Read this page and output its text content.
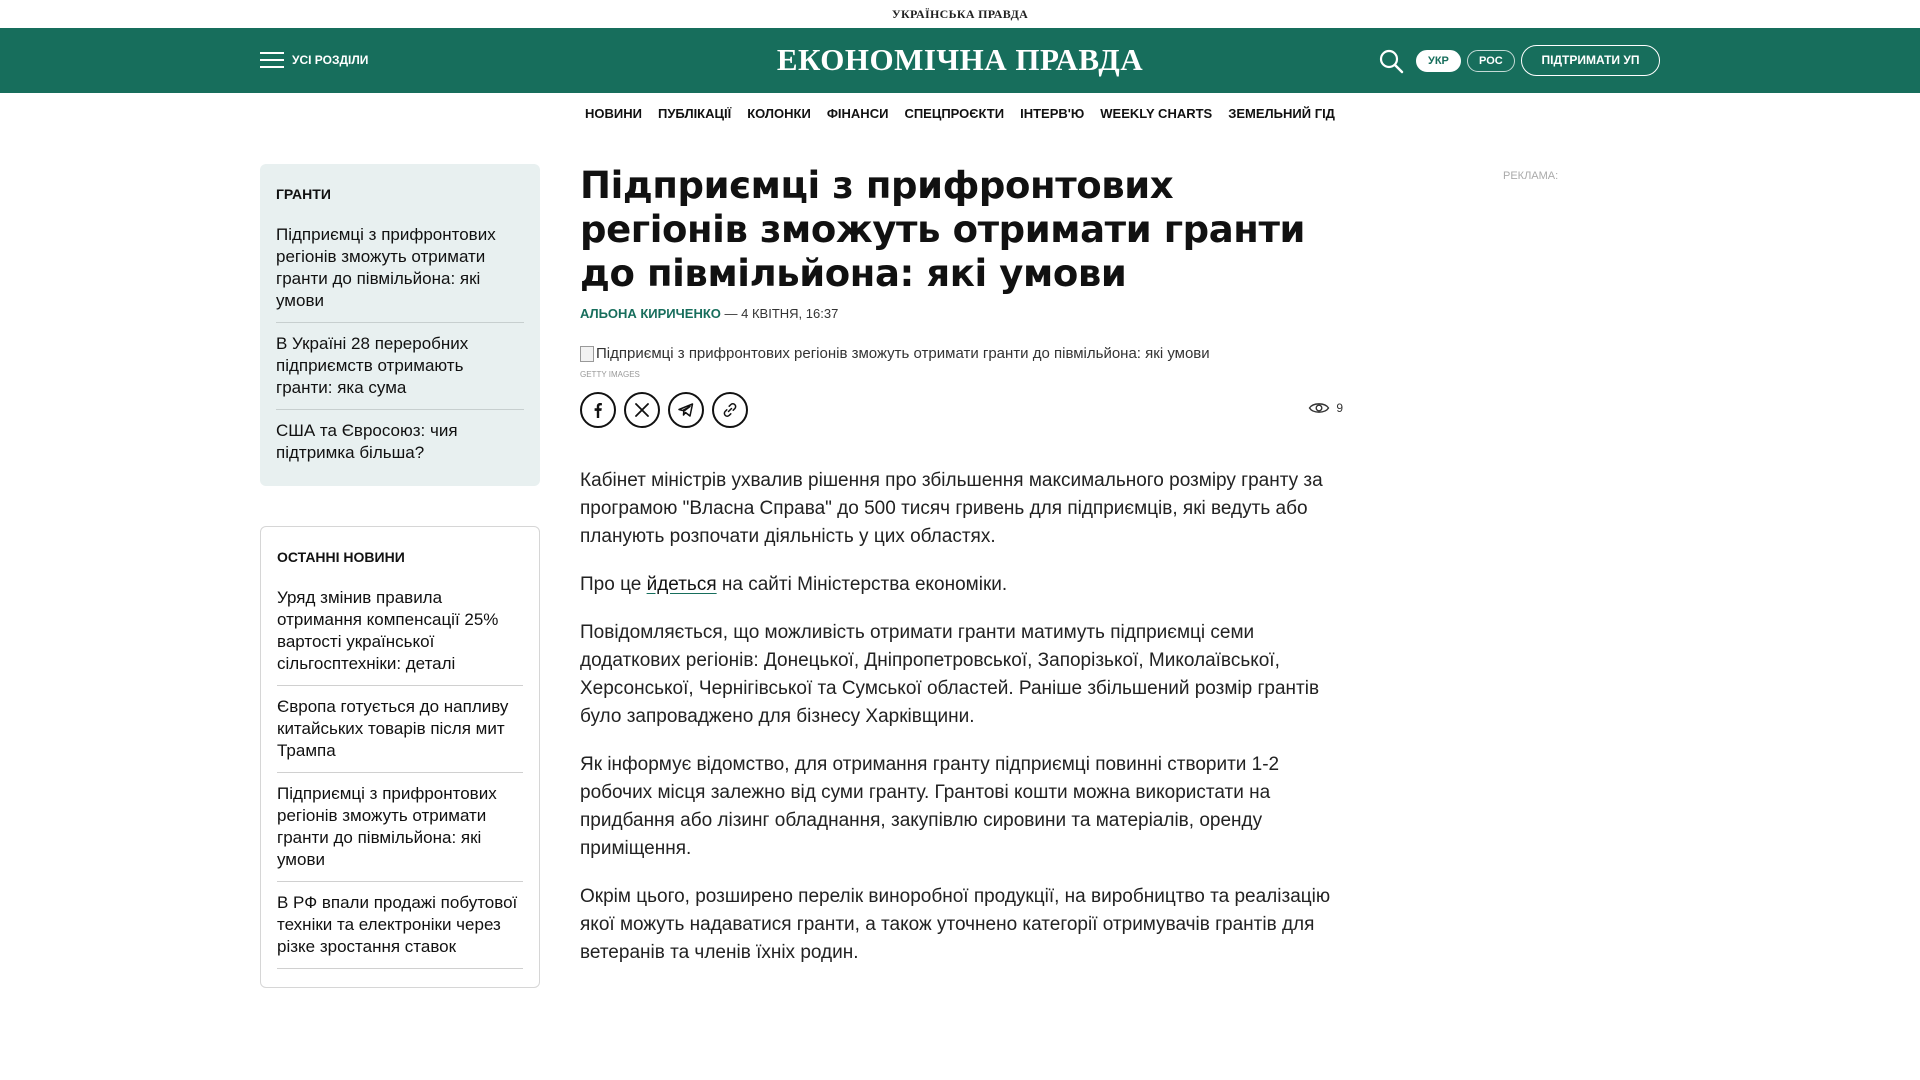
УКРАЇНСЬКА ПРАВДА
УСІ РОЗДІЛИ	ЕКОНОМІЧНА ПРАВДА	УКР	РОС	ПІДТРИМАТИ УП
НОВИНИ ПУБЛІКАЦІЇ КОЛОНКИ ФІНАНСИ СПЕЦПРОЄКТИ ІНТЕРВ'Ю WEEKLY CHARTS ЗЕМЕЛЬНИЙ ГІД
ГРАНТИ
Підприємці з прифронтових регіонів зможуть отримати гранти до півмільйона: які умови
В Україні 28 переробних підприємств отримають гранти: яка сума
США та Євросоюз: чия підтримка більша?
ОСТАННІ НОВИНИ
Уряд змінив правила отримання компенсації 25% вартості української сільгосптехніки: деталі
Європа готується до напливу китайських товарів після мит Трампа
Підприємці з прифронтових регіонів зможуть отримати гранти до півмільйона: які умови
В РФ впали продажі побутової техніки та електроніки через різке зростання ставок
Підприємці з прифронтових регіонів зможуть отримати гранти до півмільйона: які умови
АЛЬОНА КИРИЧЕНКО — 4 КВІТНЯ, 16:37
Підприємці з прифронтових регіонів зможуть отримати гранти до півмільйона: які умови
GETTY IMAGES
9

Кабінет міністрів ухвалив рішення про збільшення максимального розміру гранту за програмою "Власна Справа" до 500 тисяч гривень для підприємців, які ведуть або планують розпочати діяльність у цих областях.

Про це йдеться на сайті Міністерства економіки.

Повідомляється, що можливість отримати гранти матимуть підприємці семи додаткових регіонів: Донецької, Дніпропетровської, Запорізької, Миколаївської, Херсонської, Чернігівської та Сумської областей. Раніше збільшений розмір грантів було запроваджено для бізнесу Харківщини.

Як інформує відомство, для отримання гранту підприємці повинні створити 1-2 робочих місця залежно від суми гранту. Грантові кошти можна використати на придбання або лізинг обладнання, закупівлю сировини та матеріалів, оренду приміщення.

Окрім цього, розширено перелік виноробної продукції, на виробництво та реалізацію якої можуть надаватися гранти, а також уточнено категорії отримувачів грантів для ветеранів та членів їхніх родин.

РЕКЛАМА:
